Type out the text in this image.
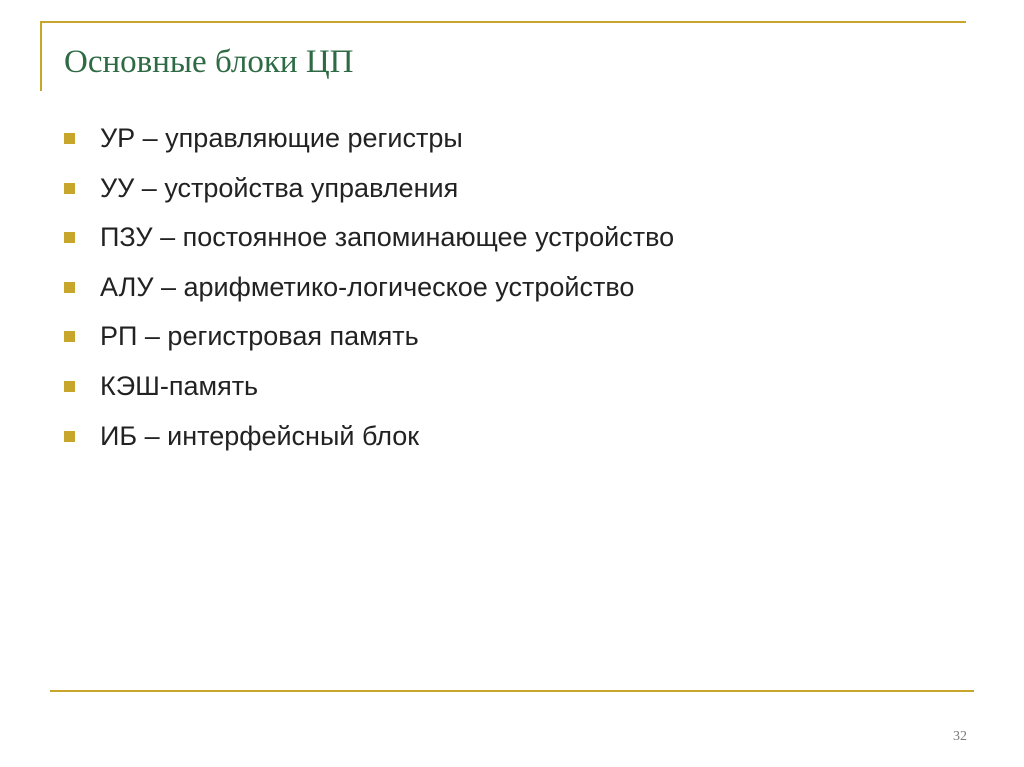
Основные блоки ЦП
УР – управляющие регистры
УУ – устройства управления
ПЗУ – постоянное запоминающее устройство
АЛУ – арифметико-логическое устройство
РП – регистровая память
КЭШ-память
ИБ – интерфейсный блок
32
